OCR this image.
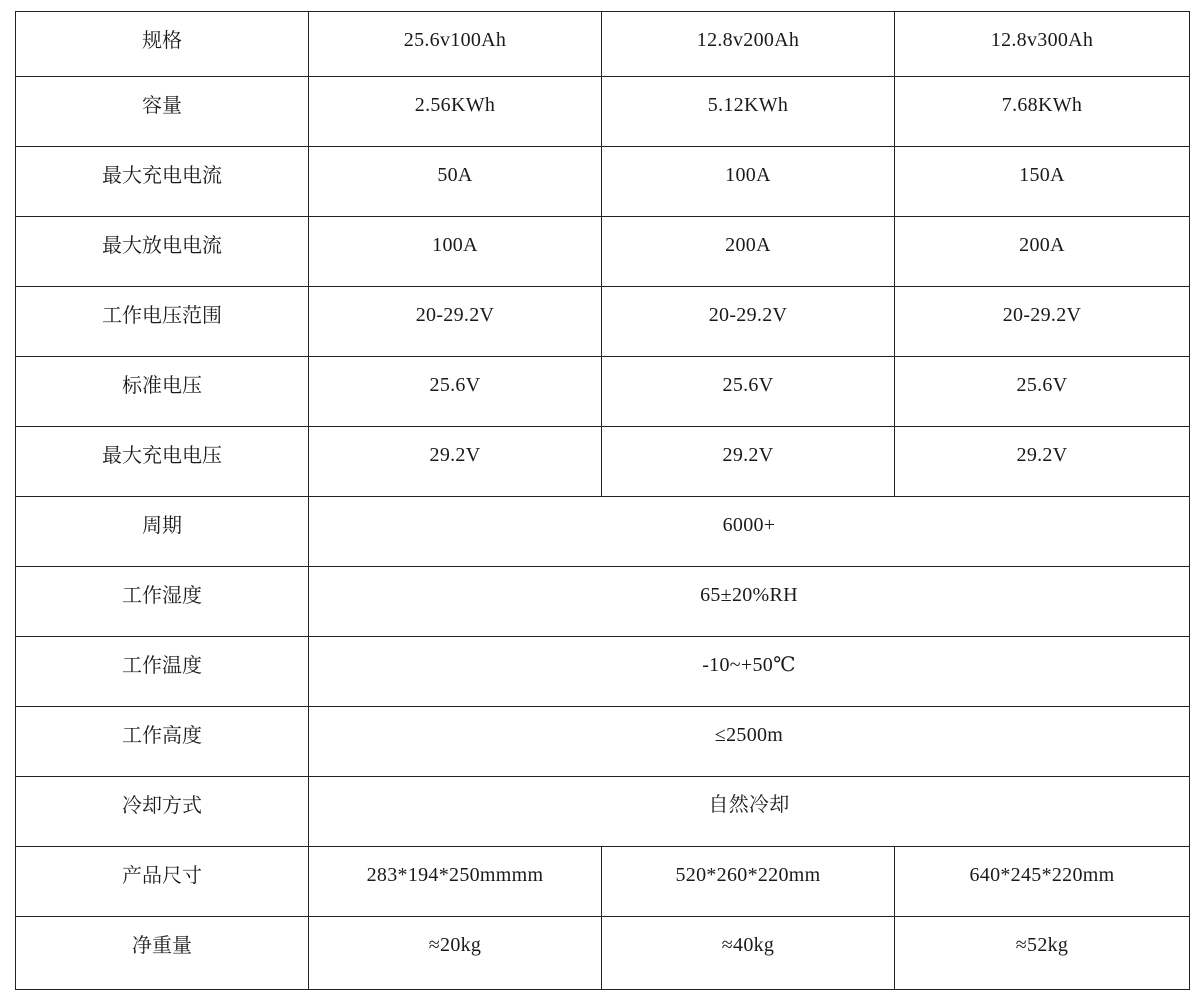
规格	25.6v100Ah	12.8v200Ah	12.8v300Ah
容量	2.56KWh	5.12KWh	7.68KWh
最大充电电流	50A	100A	150A
最大放电电流	100A	200A	200A
工作电压范围	20-29.2V	20-29.2V	20-29.2V
标准电压	25.6V	25.6V	25.6V
最大充电电压	29.2V	29.2V	29.2V
周期	6000+		
工作湿度	65±20%RH		
工作温度	-10~+50℃		
工作高度	≤2500m		
冷却方式	自然冷却		
产品尺寸	283*194*250mmmm	520*260*220mm	640*245*220mm
净重量	≈20kg	≈40kg	≈52kg
